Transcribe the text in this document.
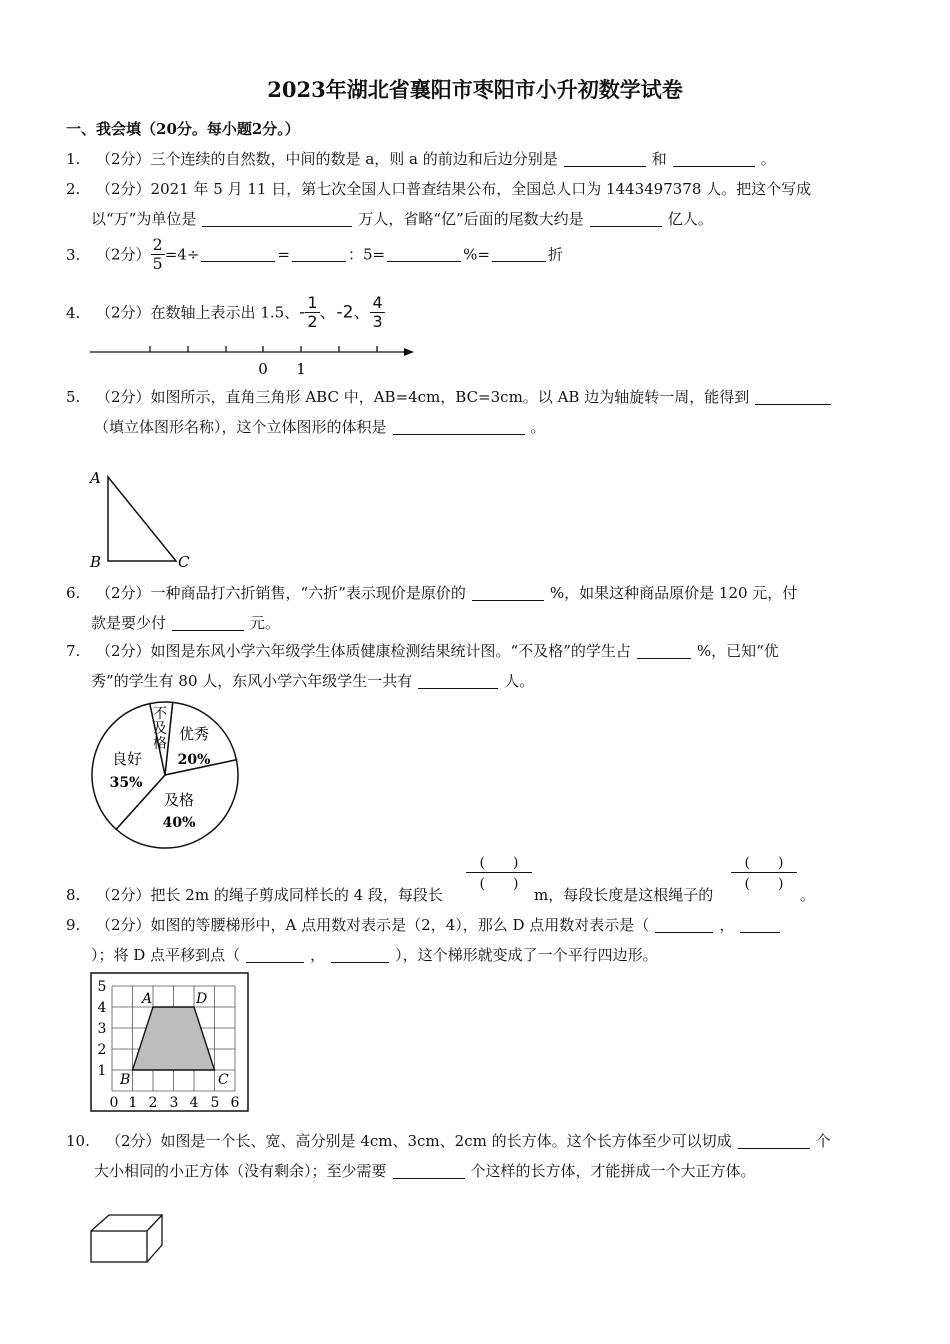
2023年湖北省襄阳市枣阳市小升初数学试卷
一、我会填（20分。每小题2分。）
1. （2分）三个连续的自然数，中间的数是 a，则 a 的前边和后边分别是	和	。
2. （2分）2021 年 5 月 11 日，第七次全国人口普查结果公布，全国总人口为 1443497378 人。把这个写成
以“万”为单位是	万人，省略“亿”后面的尾数大约是	亿人。
3. （2分） $\frac{2}{5} =4\div$	=	：5=	%=	折
4. （2分）在数轴上表示出 1.5、- $\frac{1}{2}$ 、-2、 $\frac{4}{3}$
0 1
5. （2分）如图所示，直角三角形 ABC 中，AB=4cm，BC=3cm。以 AB 边为轴旋转一周，能得到
（填立体图形名称），这个立体图形的体积是	。
A
B	C
6. （2分）一种商品打六折销售，“六折”表示现价是原价的	%，如果这种商品原价是 120 元，付
款是要少付	元。
7. （2分）如图是东风小学六年级学生体质健康检测结果统计图。“不及格”的学生占	%，已知“优
秀”的学生有 80 人，东风小学六年级学生一共有	人。
优秀
20%
及格
40%
良好
35%
不
及
格
(　　)
(　　)
(　　)
(　　)
8. （2分）把长 2m 的绳子剪成同样长的 4 段，每段长	m，每段长度是这根绳子的	。
9. （2分）如图的等腰梯形中，A 点用数对表示是（2，4），那么 D 点用数对表示是（	，
）；将 D 点平移到点（	，	），这个梯形就变成了一个平行四边形。
5
4
3
2
1
0 1 2 3 4 5 6
A	D
B	C
10. （2分）如图是一个长、宽、高分别是 4cm、3cm、2cm 的长方体。这个长方体至少可以切成	个
大小相同的小正方体（没有剩余）；至少需要	个这样的长方体，才能拼成一个大正方体。
